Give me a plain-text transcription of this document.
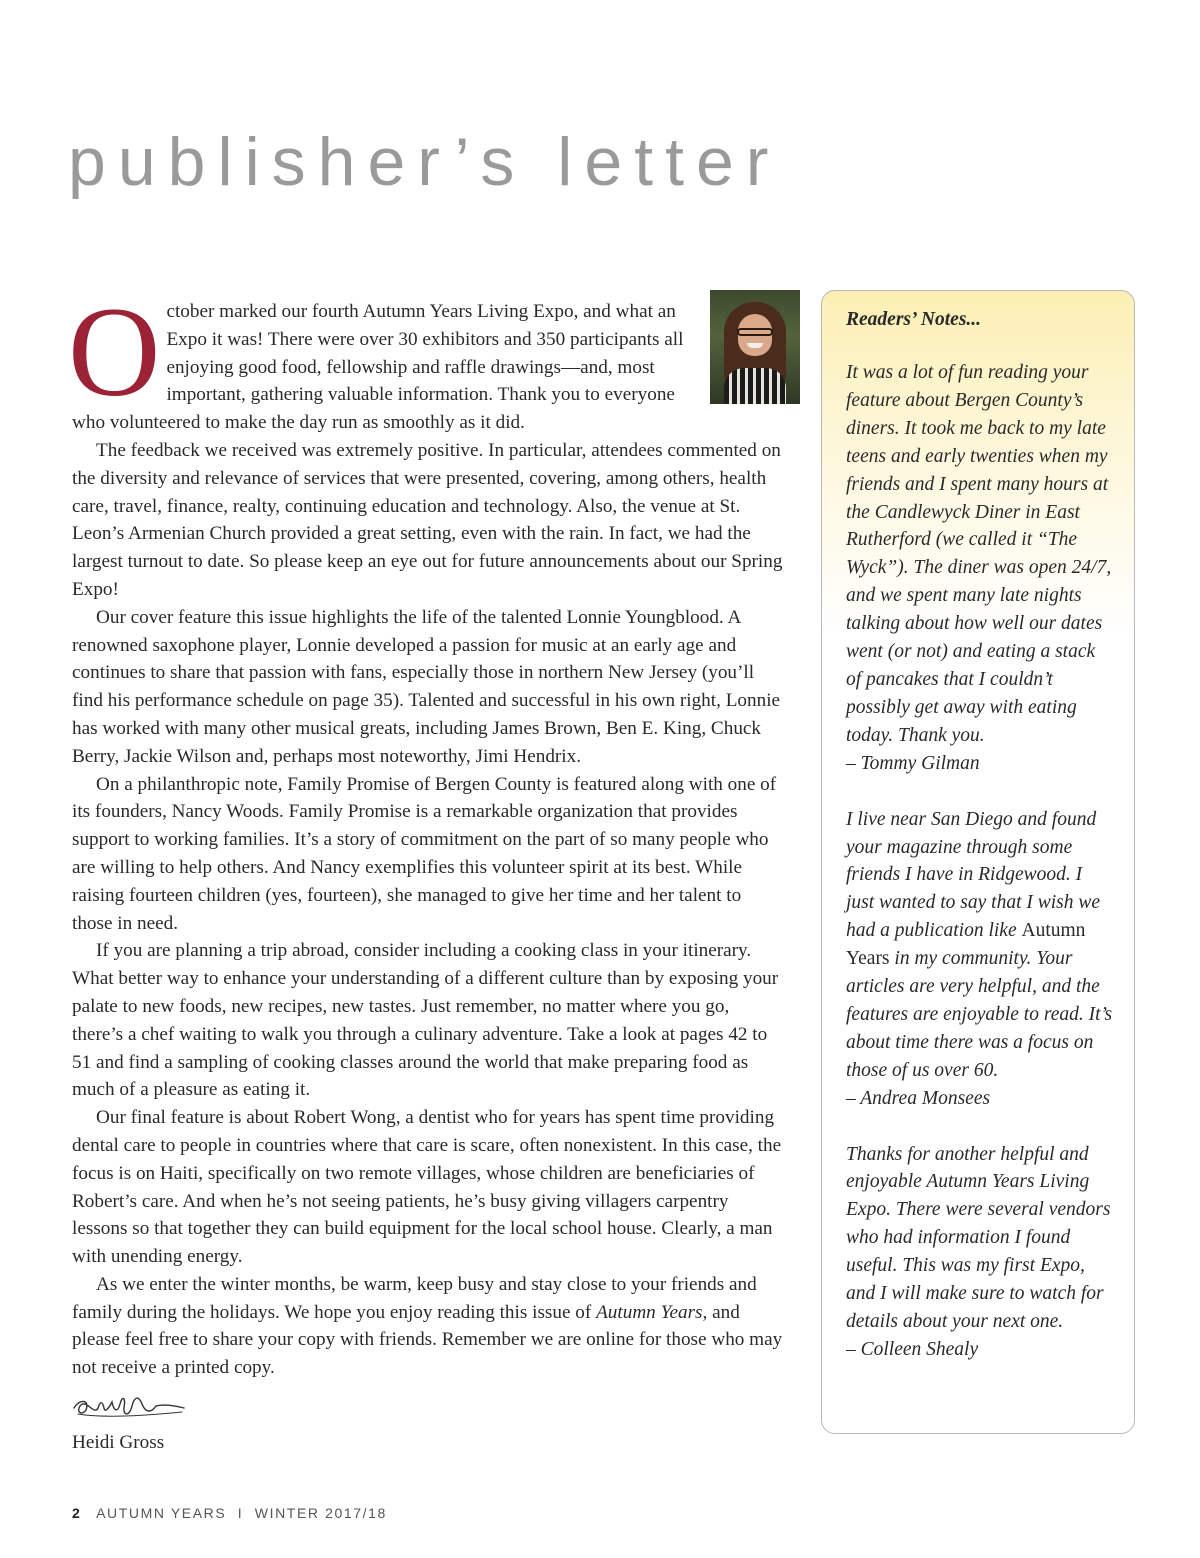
publisher’s letter

O ctober marked our fourth Autumn Years Living Expo, and what an Expo it was! There were over 30 exhibitors and 350 participants all enjoying good food, fellowship and raffle drawings—and, most important, gathering valuable information. Thank you to everyone who volunteered to make the day run as smoothly as it did.

The feedback we received was extremely positive. In particular, attendees commented on the diversity and relevance of services that were presented, covering, among others, health care, travel, finance, realty, continuing education and technology. Also, the venue at St. Leon’s Armenian Church provided a great setting, even with the rain. In fact, we had the largest turnout to date. So please keep an eye out for future announcements about our Spring Expo!

Our cover feature this issue highlights the life of the talented Lonnie Youngblood. A renowned saxophone player, Lonnie developed a passion for music at an early age and continues to share that passion with fans, especially those in northern New Jersey (you’ll find his performance schedule on page 35). Talented and successful in his own right, Lonnie has worked with many other musical greats, including James Brown, Ben E. King, Chuck Berry, Jackie Wilson and, perhaps most noteworthy, Jimi Hendrix.

On a philanthropic note, Family Promise of Bergen County is featured along with one of its founders, Nancy Woods. Family Promise is a remarkable organization that provides support to working families. It’s a story of commitment on the part of so many people who are willing to help others. And Nancy exemplifies this volunteer spirit at its best. While raising fourteen children (yes, fourteen), she managed to give her time and her talent to those in need.

If you are planning a trip abroad, consider including a cooking class in your itinerary. What better way to enhance your understanding of a different culture than by exposing your palate to new foods, new recipes, new tastes. Just remember, no matter where you go, there’s a chef waiting to walk you through a culinary adventure. Take a look at pages 42 to 51 and find a sampling of cooking classes around the world that make preparing food as much of a pleasure as eating it.

Our final feature is about Robert Wong, a dentist who for years has spent time providing dental care to people in countries where that care is scare, often nonexistent. In this case, the focus is on Haiti, specifically on two remote villages, whose children are beneficiaries of Robert’s care. And when he’s not seeing patients, he’s busy giving villagers carpentry lessons so that together they can build equipment for the local school house. Clearly, a man with unending energy.

As we enter the winter months, be warm, keep busy and stay close to your friends and family during the holidays. We hope you enjoy reading this issue of Autumn Years, and please feel free to share your copy with friends. Remember we are online for those who may not receive a printed copy.

Heidi Gross
Readers’ Notes...

It was a lot of fun reading your feature about Bergen County’s diners. It took me back to my late teens and early twenties when my friends and I spent many hours at the Candlewyck Diner in East Rutherford (we called it “The Wyck”). The diner was open 24/7, and we spent many late nights talking about how well our dates went (or not) and eating a stack of pancakes that I couldn’t possibly get away with eating today. Thank you.

– Tommy Gilman

I live near San Diego and found your magazine through some friends I have in Ridgewood. I just wanted to say that I wish we had a publication like Autumn Years in my community. Your articles are very helpful, and the features are enjoyable to read. It’s about time there was a focus on those of us over 60.

– Andrea Monsees

Thanks for another helpful and enjoyable Autumn Years Living Expo. There were several vendors who had information I found useful. This was my first Expo, and I will make sure to watch for details about your next one.

– Colleen Shealy

2 AUTUMN YEARS I WINTER 2017/18
